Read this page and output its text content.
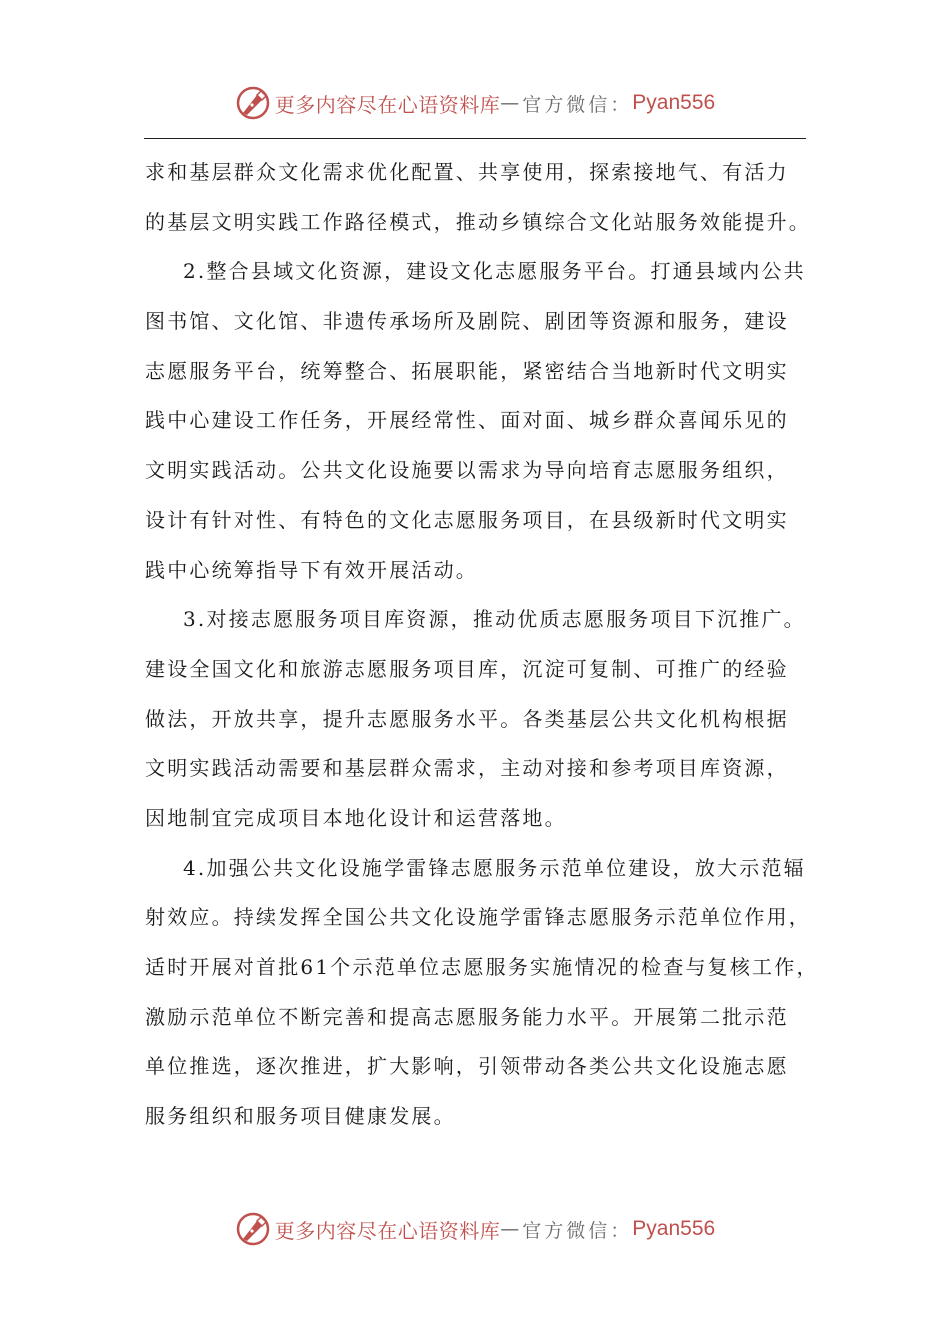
更多内容尽在心语资料库 — 官方微信： Pyan556
求和基层群众文化需求优化配置、共享使用，探索接地气、有活力
的基层文明实践工作路径模式，推动乡镇综合文化站服务效能提升。
2.整合县域文化资源，建设文化志愿服务平台。打通县域内公共
图书馆、文化馆、非遗传承场所及剧院、剧团等资源和服务，建设
志愿服务平台，统筹整合、拓展职能，紧密结合当地新时代文明实
践中心建设工作任务，开展经常性、面对面、城乡群众喜闻乐见的
文明实践活动。公共文化设施要以需求为导向培育志愿服务组织，
设计有针对性、有特色的文化志愿服务项目，在县级新时代文明实
践中心统筹指导下有效开展活动。
3.对接志愿服务项目库资源，推动优质志愿服务项目下沉推广。
建设全国文化和旅游志愿服务项目库，沉淀可复制、可推广的经验
做法，开放共享，提升志愿服务水平。各类基层公共文化机构根据
文明实践活动需要和基层群众需求，主动对接和参考项目库资源，
因地制宜完成项目本地化设计和运营落地。
4.加强公共文化设施学雷锋志愿服务示范单位建设，放大示范辐
射效应。持续发挥全国公共文化设施学雷锋志愿服务示范单位作用，
适时开展对首批61个示范单位志愿服务实施情况的检查与复核工作，
激励示范单位不断完善和提高志愿服务能力水平。开展第二批示范
单位推选，逐次推进，扩大影响，引领带动各类公共文化设施志愿
服务组织和服务项目健康发展。
更多内容尽在心语资料库 — 官方微信： Pyan556
